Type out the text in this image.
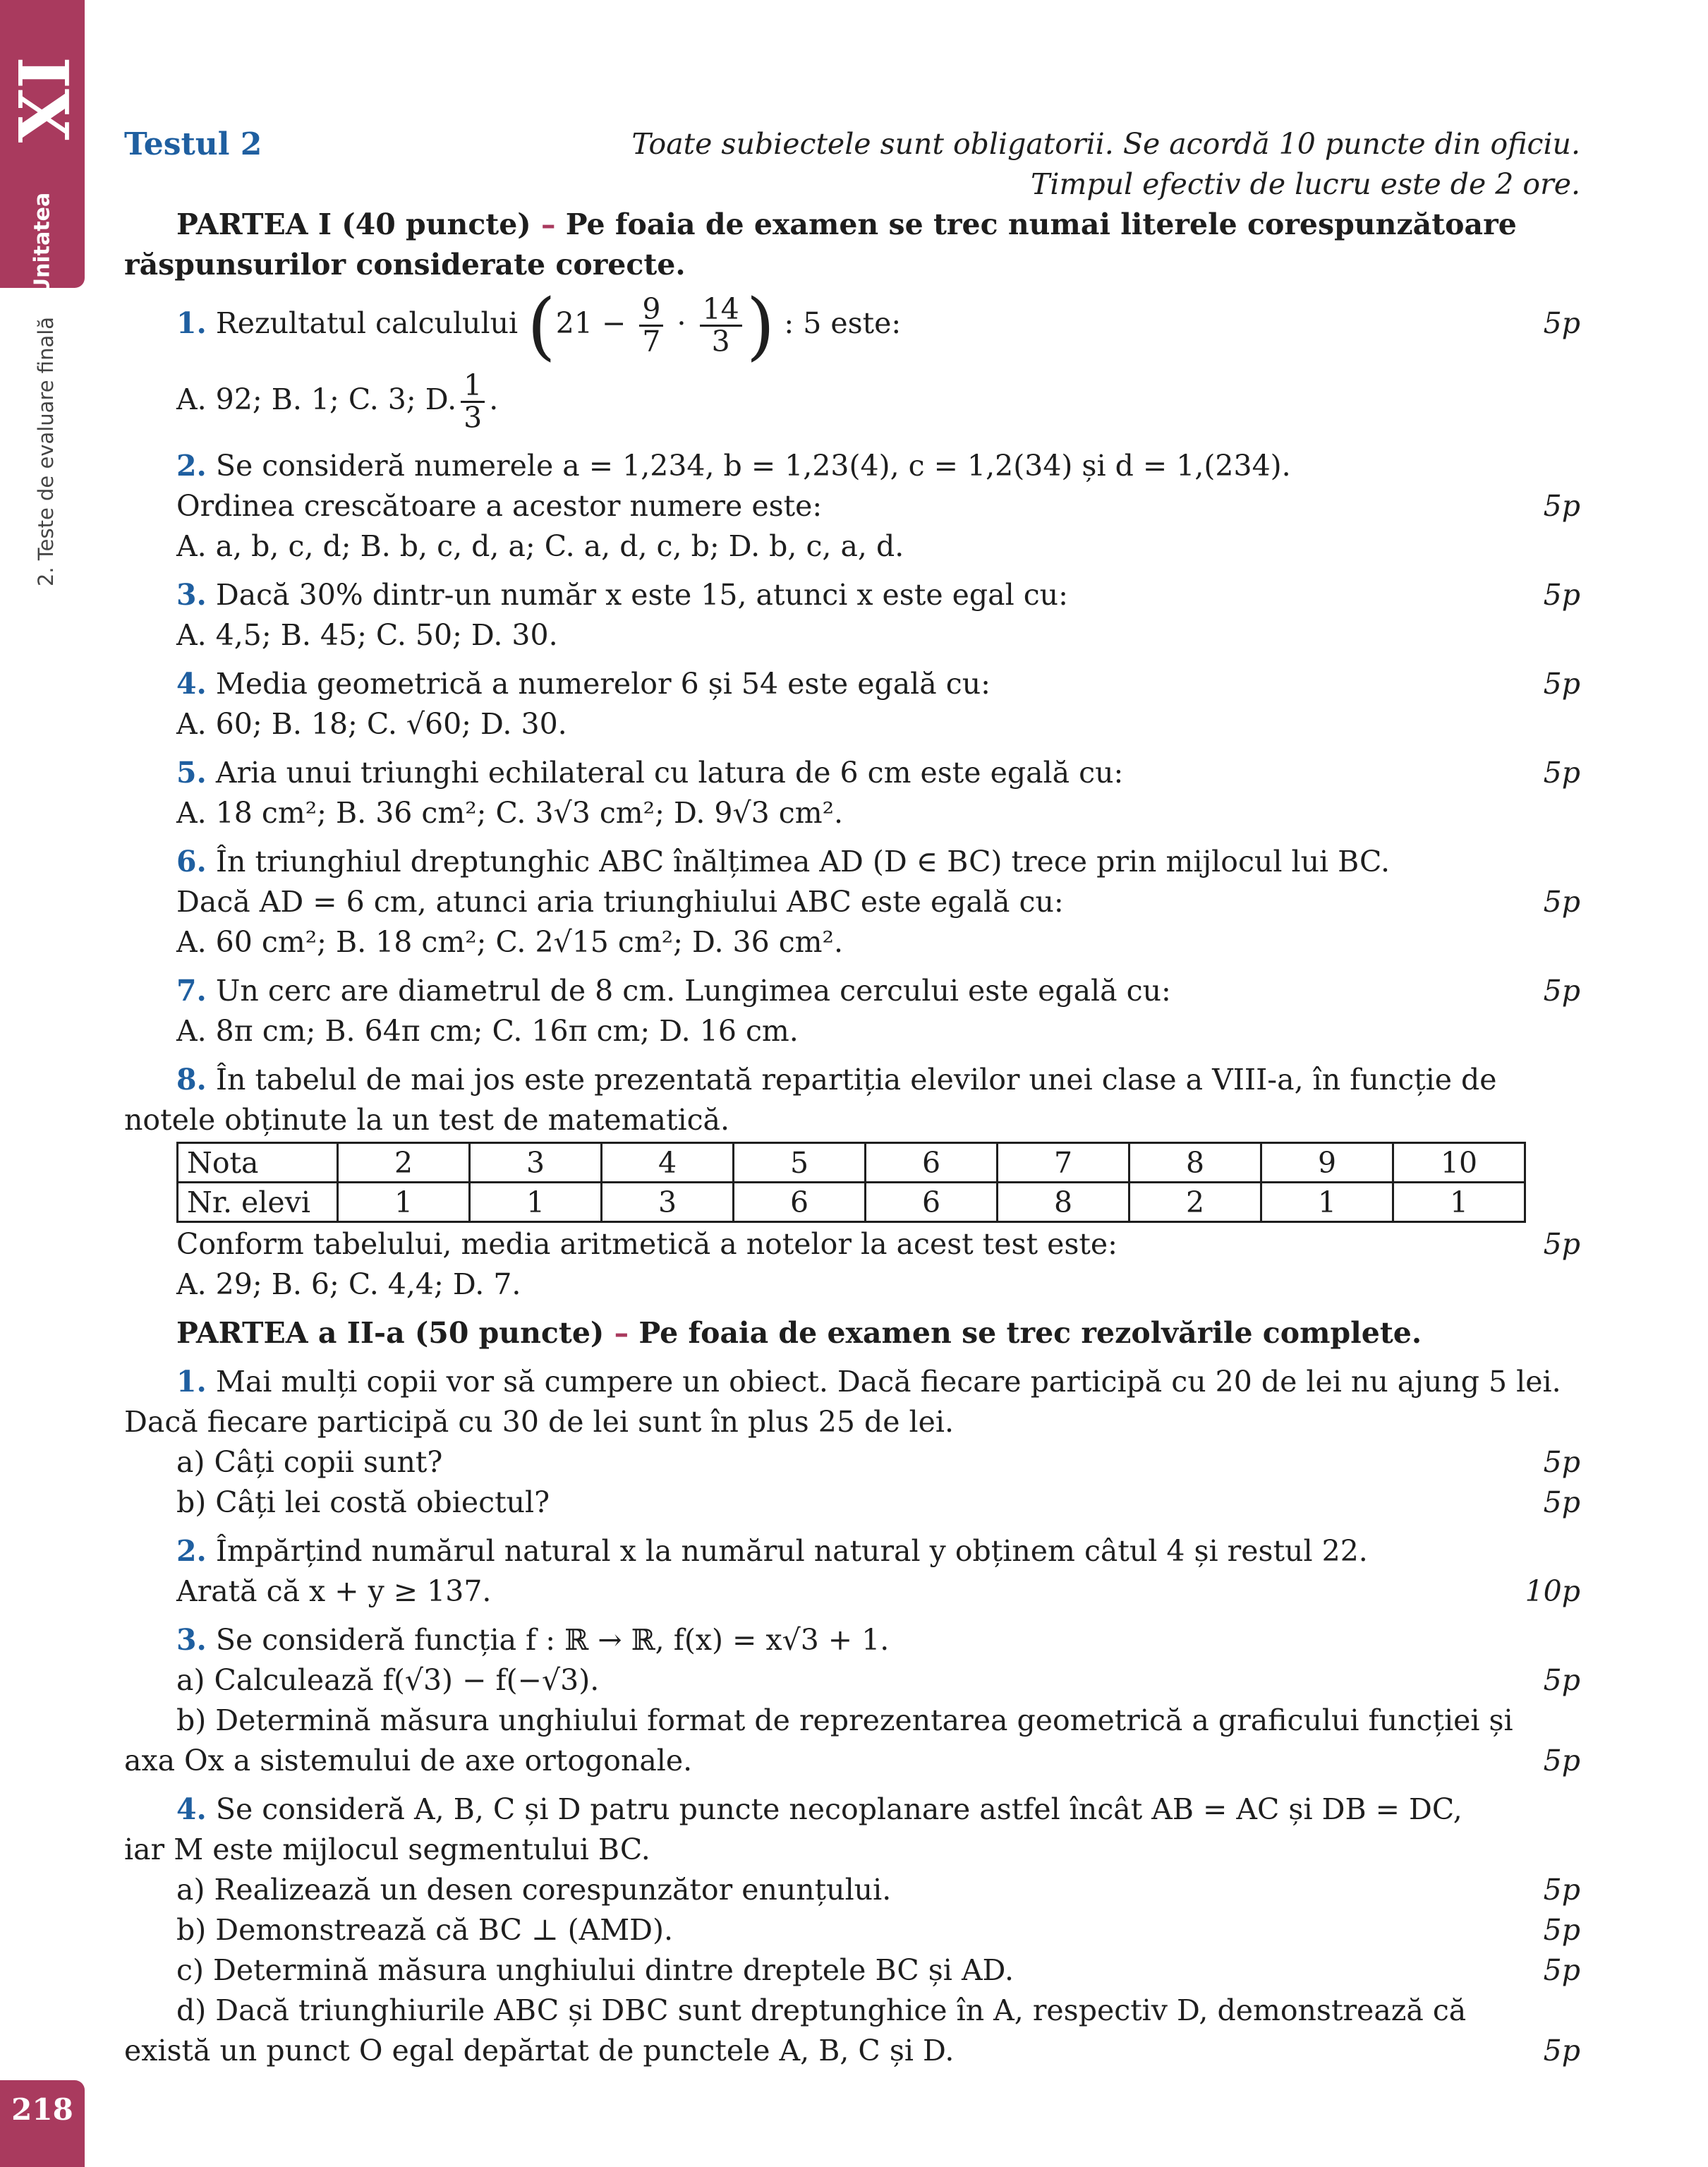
IX
Unitatea
2. Teste de evaluare finală
218
Testul 2	Toate subiectele sunt obligatorii. Se acordă 10 puncte din oficiu.
Timpul efectiv de lucru este de 2 ore.
PARTEA I (40 puncte) – Pe foaia de examen se trec numai literele corespunzătoare
răspunsurilor considerate corecte.
1. Rezultatul calculului ($21 - \frac{9}{7} \cdot \frac{14}{3}$ ) : 5 este:	5p
A. 92; B. 1; C. 3; D. $\frac{1}{3}$ .
2. Se consideră numerele a = 1,234, b = 1,23(4), c = 1,2(34) și d = 1,(234).
Ordinea crescătoare a acestor numere este:	5p
A. a, b, c, d; B. b, c, d, a; C. a, d, c, b; D. b, c, a, d.
3. Dacă 30% dintr-un număr x este 15, atunci x este egal cu:	5p
A. 4,5; B. 45; C. 50; D. 30.
4. Media geometrică a numerelor 6 și 54 este egală cu:	5p
A. 60; B. 18; C. √60; D. 30.
5. Aria unui triunghi echilateral cu latura de 6 cm este egală cu:	5p
A. 18 cm²; B. 36 cm²; C. 3√3 cm²; D. 9√3 cm².
6. În triunghiul dreptunghic ABC înălțimea AD (D ∈ BC) trece prin mijlocul lui BC.
Dacă AD = 6 cm, atunci aria triunghiului ABC este egală cu:	5p
A. 60 cm²; B. 18 cm²; C. 2√15 cm²; D. 36 cm².
7. Un cerc are diametrul de 8 cm. Lungimea cercului este egală cu:	5p
A. 8π cm; B. 64π cm; C. 16π cm; D. 16 cm.
8. În tabelul de mai jos este prezentată repartiția elevilor unei clase a VIII-a, în funcție de
notele obținute la un test de matematică.
Nota	2	3	4	5	6	7	8	9	10
Nr. elevi	1	1	3	6	6	8	2	1	1
Conform tabelului, media aritmetică a notelor la acest test este:	5p
A. 29; B. 6; C. 4,4; D. 7.
PARTEA a II-a (50 puncte) – Pe foaia de examen se trec rezolvările complete.
1. Mai mulți copii vor să cumpere un obiect. Dacă fiecare participă cu 20 de lei nu ajung 5 lei.
Dacă fiecare participă cu 30 de lei sunt în plus 25 de lei.
a) Câți copii sunt?	5p
b) Câți lei costă obiectul?	5p
2. Împărțind numărul natural x la numărul natural y obținem câtul 4 și restul 22.
Arată că x + y ≥ 137.	10p
3. Se consideră funcția f : ℝ → ℝ, f(x) = x√3 + 1.
a) Calculează f(√3) − f(−√3).	5p
b) Determină măsura unghiului format de reprezentarea geometrică a graficului funcției și
axa Ox a sistemului de axe ortogonale.	5p
4. Se consideră A, B, C și D patru puncte necoplanare astfel încât AB = AC și DB = DC,
iar M este mijlocul segmentului BC.
a) Realizează un desen corespunzător enunțului.	5p
b) Demonstrează că BC ⊥ (AMD).	5p
c) Determină măsura unghiului dintre dreptele BC și AD.	5p
d) Dacă triunghiurile ABC și DBC sunt dreptunghice în A, respectiv D, demonstrează că
există un punct O egal depărtat de punctele A, B, C și D.	5p
